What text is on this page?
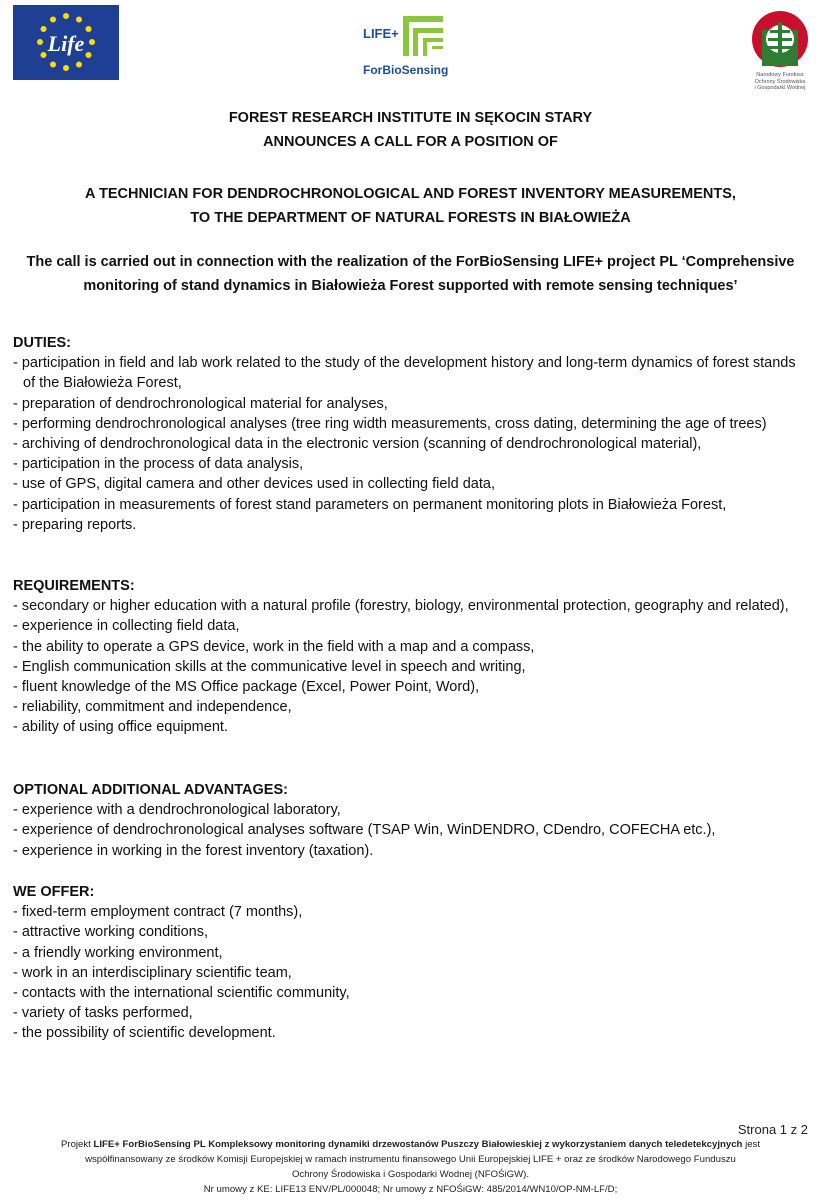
Life	LIFE+
ForBioSensing	Narodowy Fundusz
Ochrony Środowiska
i Gospodarki Wodnej
FOREST RESEARCH INSTITUTE IN SĘKOCIN STARY
ANNOUNCES A CALL FOR A POSITION OF
A TECHNICIAN FOR DENDROCHRONOLOGICAL AND FOREST INVENTORY MEASUREMENTS,
TO THE DEPARTMENT OF NATURAL FORESTS IN BIAŁOWIEŻA
The call is carried out in connection with the realization of the ForBioSensing LIFE+ project PL ‘Comprehensive
monitoring of stand dynamics in Białowieża Forest supported with remote sensing techniques’
DUTIES:
- participation in field and lab work related to the study of the development history and long-term dynamics of forest stands of the Białowieża Forest,
- preparation of dendrochronological material for analyses,
- performing dendrochronological analyses (tree ring width measurements, cross dating, determining the age of trees)
- archiving of dendrochronological data in the electronic version (scanning of dendrochronological material),
- participation in the process of data analysis,
- use of GPS, digital camera and other devices used in collecting field data,
- participation in measurements of forest stand parameters on permanent monitoring plots in Białowieża Forest,
- preparing reports.
REQUIREMENTS:
- secondary or higher education with a natural profile (forestry, biology, environmental protection, geography and related),
- experience in collecting field data,
- the ability to operate a GPS device, work in the field with a map and a compass,
- English communication skills at the communicative level in speech and writing,
- fluent knowledge of the MS Office package (Excel, Power Point, Word),
- reliability, commitment and independence,
- ability of using office equipment.
OPTIONAL ADDITIONAL ADVANTAGES:
- experience with a dendrochronological laboratory,
- experience of dendrochronological analyses software (TSAP Win, WinDENDRO, CDendro, COFECHA etc.),
- experience in working in the forest inventory (taxation).
WE OFFER:
- fixed-term employment contract (7 months),
- attractive working conditions,
- a friendly working environment,
- work in an interdisciplinary scientific team,
- contacts with the international scientific community,
- variety of tasks performed,
- the possibility of scientific development.
Strona 1 z 2
Projekt LIFE+ ForBioSensing PL Kompleksowy monitoring dynamiki drzewostanów Puszczy Białowieskiej z wykorzystaniem danych teledetekcyjnych jest
współfinansowany ze środków Komisji Europejskiej w ramach instrumentu finansowego Unii Europejskiej LIFE + oraz ze środków Narodowego Funduszu
Ochrony Środowiska i Gospodarki Wodnej (NFOŚiGW).
Nr umowy z KE: LIFE13 ENV/PL/000048; Nr umowy z NFOŚiGW: 485/2014/WN10/OP-NM-LF/D;
